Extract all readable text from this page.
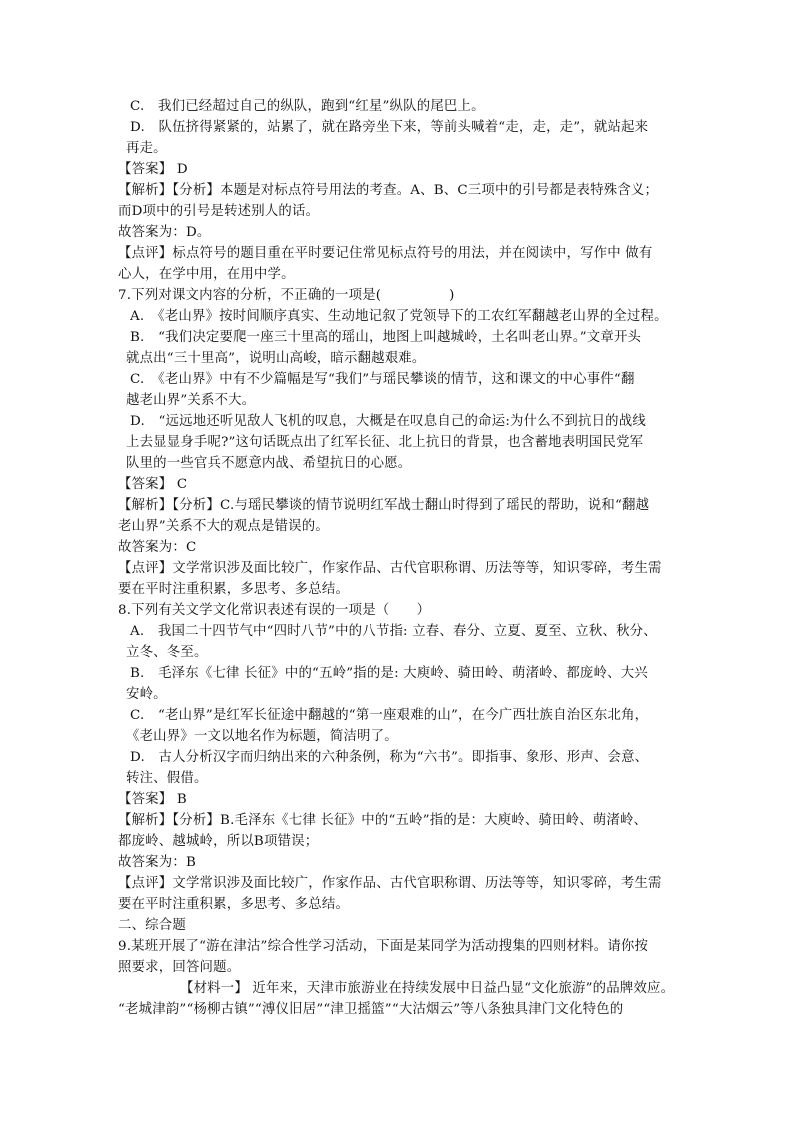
C.　我们已经超过自己的纵队，跑到“红星”纵队的尾巴上。
D.　队伍挤得紧紧的，站累了，就在路旁坐下来，等前头喊着“走，走，走”，就站起来
再走。
【答案】 D
【解析】【分析】本题是对标点符号用法的考查。A、B、C三项中的引号都是表特殊含义；
而D项中的引号是转述别人的话。
故答案为：D。
【点评】标点符号的题目重在平时要记住常见标点符号的用法，并在阅读中，写作中 做有
心人，在学中用，在用中学。
7.下列对课文内容的分析，不正确的一项是(　　　　　)
A.　《老山界》按时间顺序真实、生动地记叙了党领导下的工农红军翻越老山界的全过程。
B.　“我们决定要爬一座三十里高的瑶山，地图上叫越城岭，土名叫老山界。”文章开头
就点出“三十里高”，说明山高峻，暗示翻越艰难。
C.　《老山界》中有不少篇幅是写“我们”与瑶民攀谈的情节，这和课文的中心事件“翻
越老山界”关系不大。
D.　“远远地还听见敌人飞机的叹息，大概是在叹息自己的命运:为什么不到抗日的战线
上去显显身手呢?”这句话既点出了红军长征、北上抗日的背景，也含蓄地表明国民党军
队里的一些官兵不愿意内战、希望抗日的心愿。
【答案】 C
【解析】【分析】C.与瑶民攀谈的情节说明红军战士翻山时得到了瑶民的帮助，说和“翻越
老山界”关系不大的观点是错误的。
故答案为：C
【点评】文学常识涉及面比较广，作家作品、古代官职称谓、历法等等，知识零碎，考生需
要在平时注重积累，多思考、多总结。
8.下列有关文学文化常识表述有误的一项是（　　）
A.　我国二十四节气中“四时八节”中的八节指: 立春、春分、立夏、夏至、立秋、秋分、
立冬、冬至。
B.　毛泽东《七律 长征》中的“五岭”指的是: 大庾岭、骑田岭、萌渚岭、都庞岭、大兴
安岭。
C.　“老山界”是红军长征途中翻越的“第一座艰难的山”，在今广西壮族自治区东北角，
《老山界》一文以地名作为标题，简洁明了。
D.　古人分析汉字而归纳出来的六种条例，称为“六书”。即指事、象形、形声、会意、
转注、假借。
【答案】 B
【解析】【分析】B.毛泽东《七律 长征》中的“五岭”指的是：大庾岭、骑田岭、萌渚岭、
都庞岭、越城岭，所以B项错误；
故答案为：B
【点评】文学常识涉及面比较广，作家作品、古代官职称谓、历法等等，知识零碎，考生需
要在平时注重积累，多思考、多总结。
二、综合题
9.某班开展了“游在津沽”综合性学习活动，下面是某同学为活动搜集的四则材料。请你按
照要求，回答问题。
【材料一】 近年来，天津市旅游业在持续发展中日益凸显“文化旅游”的品牌效应。
“老城津韵”“杨柳古镇”“溥仪旧居”“津卫摇篮”“大沽烟云”等八条独具津门文化特色的
